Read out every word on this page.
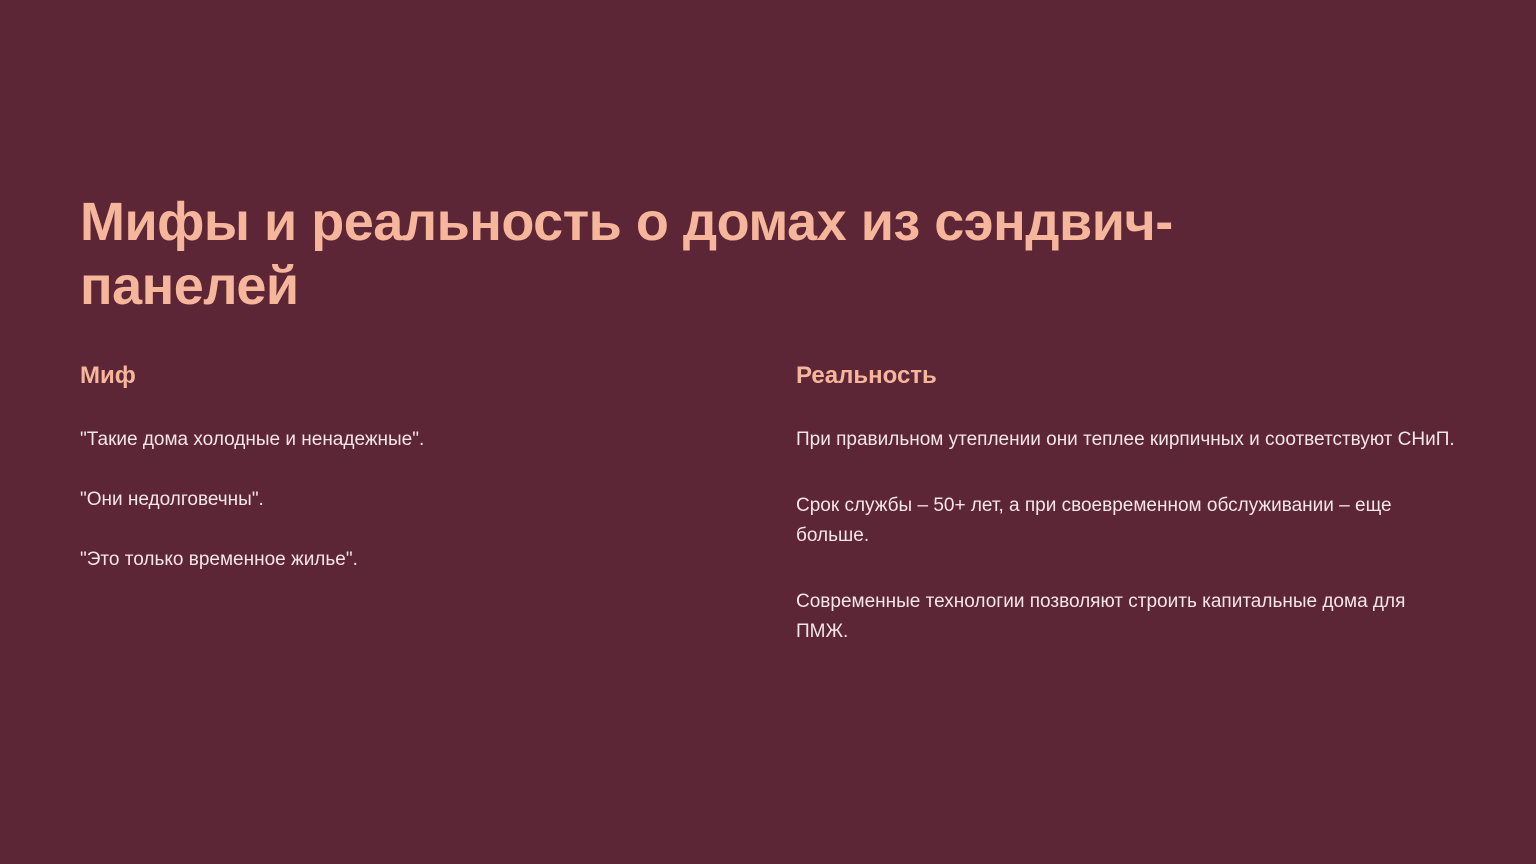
Мифы и реальность о домах из сэндвич-панелей
Миф

"Такие дома холодные и ненадежные".

"Они недолговечны".

"Это только временное жилье".

Реальность

При правильном утеплении они теплее кирпичных и соответствуют СНиП.

Срок службы – 50+ лет, а при своевременном обслуживании – еще больше.

Современные технологии позволяют строить капитальные дома для ПМЖ.
